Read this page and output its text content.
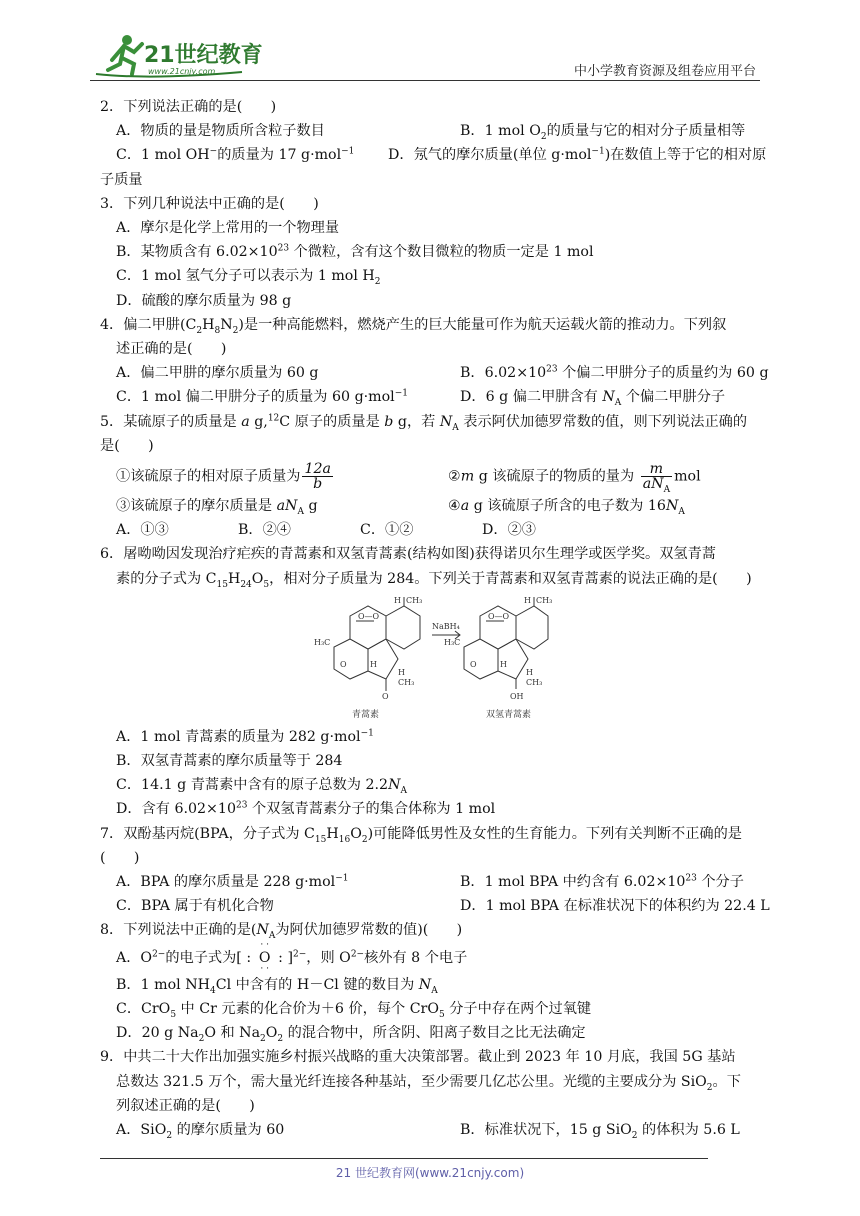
21世纪教育
www.21cnjy.com	中小学教育资源及组卷应用平台
2．下列说法正确的是(　　)
A．物质的量是物质所含粒子数目	B．1 mol $O_2$的质量与它的相对分子质量相等
C．1 mol OH−的质量为 17 g·mol$^{-1}$	D．氖气的摩尔质量(单位 g·mol$^{-1}$)在数值上等于它的相对原
子质量
3．下列几种说法中正确的是(　　)
A．摩尔是化学上常用的一个物理量
B．某物质含有 $6.02\times 10^{23}$ 个微粒，含有这个数目微粒的物质一定是 1 mol
C．1 mol 氢气分子可以表示为 1 mol $H_2$
D．硫酸的摩尔质量为 98 g
4．偏二甲肼$(C_2H_8N_2)$是一种高能燃料，燃烧产生的巨大能量可作为航天运载火箭的推动力。下列叙
述正确的是(　　)
A．偏二甲肼的摩尔质量为 60 g	B．$6.02\times 10^{23}$ 个偏二甲肼分子的质量约为 60 g
C．1 mol 偏二甲肼分子的质量为 60 g·mol$^{-1}$	D．6 g 偏二甲肼含有 $N_A$ 个偏二甲肼分子
5．某硫原子的质量是 a g,$^{12}$C 原子的质量是 b g，若 $N_A$ 表示阿伏加德罗常数的值，则下列说法正确的
是(　　)
①该硫原子的相对原子质量为 $\frac{12a}{b}$	②m g 该硫原子的物质的量为 $\frac{m}{aN_A}$ mol
③该硫原子的摩尔质量是 $aN_A$ g	④a g 该硫原子所含的电子数为 $16N_A$
A．①③	B．②④	C．①②	D．②③
6．屠呦呦因发现治疗疟疾的青蒿素和双氢青蒿素(结构如图)获得诺贝尔生理学或医学奖。双氢青蒿
素的分子式为 $C_{15}H_{24}O_5$，相对分子质量为 284。下列关于青蒿素和双氢青蒿素的说法正确的是(　　)
O—O
H₃C
O	H
H
CH₃
O
CH₃
H
NaBH₄
O—O
H₃C
O	H
H
CH₃
OH
CH₃
H
青蒿素	双氢青蒿素
A．1 mol 青蒿素的质量为 282 g·mol$^{-1}$
B．双氢青蒿素的摩尔质量等于 284
C．14.1 g 青蒿素中含有的原子总数为 $2.2N_A$
D．含有 $6.02\times 10^{23}$ 个双氢青蒿素分子的集合体称为 1 mol
7．双酚基丙烷(BPA，分子式为 $C_{15}H_{16}O_2$)可能降低男性及女性的生育能力。下列有关判断不正确的是
(　　)
A．BPA 的摩尔质量是 228 g·mol$^{-1}$	B．1 mol BPA 中约含有 $6.02\times 10^{23}$ 个分子
C．BPA 属于有机化合物	D．1 mol BPA 在标准状况下的体积约为 22.4 L
8．下列说法中正确的是($N_A$为阿伏加德罗常数的值)(　　)
A．$O^{2-}$的电子式为[ :
· ·
O
· ·
: ]$^{2-}$，则 $O^{2-}$核外有 8 个电子
B．1 mol $NH_4Cl$ 中含有的 H－Cl 键的数目为 $N_A$
C．CrO$_5$ 中 Cr 元素的化合价为＋6 价，每个 CrO$_5$ 分子中存在两个过氧键
D．20 g $Na_2O$ 和 $Na_2O_2$ 的混合物中，所含阴、阳离子数目之比无法确定
9．中共二十大作出加强实施乡村振兴战略的重大决策部署。截止到 2023 年 10 月底，我国 5G 基站
总数达 321.5 万个，需大量光纤连接各种基站，至少需要几亿芯公里。光缆的主要成分为 SiO$_2$。下
列叙述正确的是(　　)
A．SiO$_2$ 的摩尔质量为 60	B．标准状况下，15 g SiO$_2$ 的体积为 5.6 L
21 世纪教育网(www.21cnjy.com)
